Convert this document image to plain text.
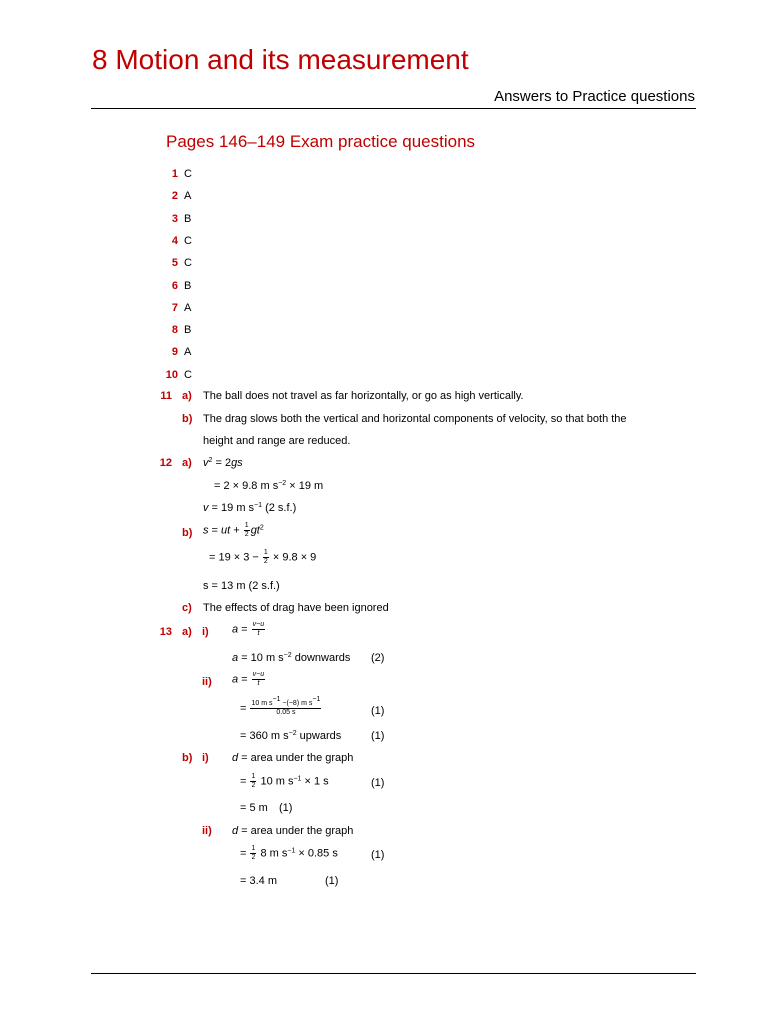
8 Motion and its measurement
Answers to Practice questions
Pages 146–149 Exam practice questions
1 C
2 A
3 B
4 C
5 C
6 B
7 A
8 B
9 A
10 C
11 a) The ball does not travel as far horizontally, or go as high vertically.
b) The drag slows both the vertical and horizontal components of velocity, so that both the
height and range are reduced.
12 a) $v^2 = 2gs$
= 2 × 9.8 m $s^{-2} \times 19$ m
v = 19 m $s^{-1}$ (2 s.f.)
b) s = ut + $\frac{1}{2} gt^2$
= $19 \times 3 - \frac{1}{2} \times 9.8 \times 9$
s = 13 m (2 s.f.)
c) The effects of drag have been ignored
13 a) i) $a = \frac{v-u}{t}$
a = 10 m $s^{-2}$ downwards (2)
ii) $a = \frac{v-u}{t}$
= $\frac{10 m s^{-1} -(-8) m s^{-1}}{0.05 s}$	(1)
= 360 m $s^{-2}$ upwards	(1)
b) i) d = area under the graph
= $\frac{1}{2} 10$ m $s^{-1} \times 1$ s	(1)
= 5 m (1)
ii) d = area under the graph
= $\frac{1}{2} 8$ m $s^{-1} \times 0.85$ s	(1)
= 3.4 m	(1)
